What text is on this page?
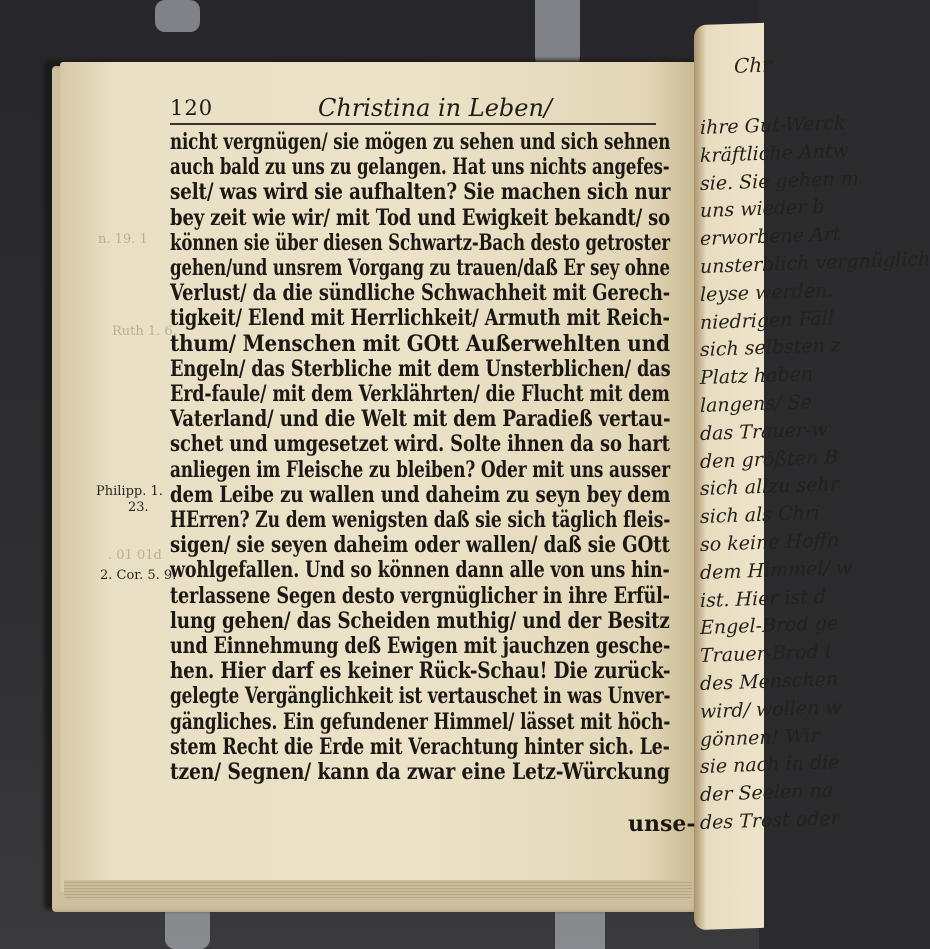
Chr
ihre Gut-Werck
kräftliche Antw
sie. Sie gehen m
uns wieder b
erworbene Art
unsterblich vergnüglich
leyse werden.
niedrigen Fäll
sich selbsten z
Platz haben
langens/ Se
das Trauer-w
den größten B
sich allzu sehr
sich als Chri
so keine Hoffn
dem Himmel/ w
ist. Hier ist d
Engel-Brod ge
Trauer-Brod i
des Menschen
wird/ wollen w
gönnen! Wir
sie nach in die
der Seelen na
des Trost oder
120	Christina in Leben/
n. 19. 1
Ruth 1. 6.
. 01 01d
Philipp. 1.
23.
2. Cor. 5. 9.
nicht vergnügen/ sie mögen zu sehen und sich sehnen
auch bald zu uns zu gelangen. Hat uns nichts angefes-
selt/ was wird sie aufhalten? Sie machen sich nur
bey zeit wie wir/ mit Tod und Ewigkeit bekandt/ so
können sie über diesen Schwartz-Bach desto getroster
gehen/und unsrem Vorgang zu trauen/daß Er sey ohne
Verlust/ da die sündliche Schwachheit mit Gerech-
tigkeit/ Elend mit Herrlichkeit/ Armuth mit Reich-
thum/ Menschen mit GOtt Außerwehlten und
Engeln/ das Sterbliche mit dem Unsterblichen/ das
Erd-faule/ mit dem Verklährten/ die Flucht mit dem
Vaterland/ und die Welt mit dem Paradieß vertau-
schet und umgesetzet wird. Solte ihnen da so hart
anliegen im Fleische zu bleiben? Oder mit uns ausser
dem Leibe zu wallen und daheim zu seyn bey dem
HErren? Zu dem wenigsten daß sie sich täglich fleis-
sigen/ sie seyen daheim oder wallen/ daß sie GOtt
wohlgefallen. Und so können dann alle von uns hin-
terlassene Segen desto vergnüglicher in ihre Erfül-
lung gehen/ das Scheiden muthig/ und der Besitz
und Einnehmung deß Ewigen mit jauchzen gesche-
hen. Hier darf es keiner Rück-Schau! Die zurück-
gelegte Vergänglichkeit ist vertauschet in was Unver-
gängliches. Ein gefundener Himmel/ lässet mit höch-
stem Recht die Erde mit Verachtung hinter sich. Le-
tzen/ Segnen/ kann da zwar eine Letz-Würckung
unse-
